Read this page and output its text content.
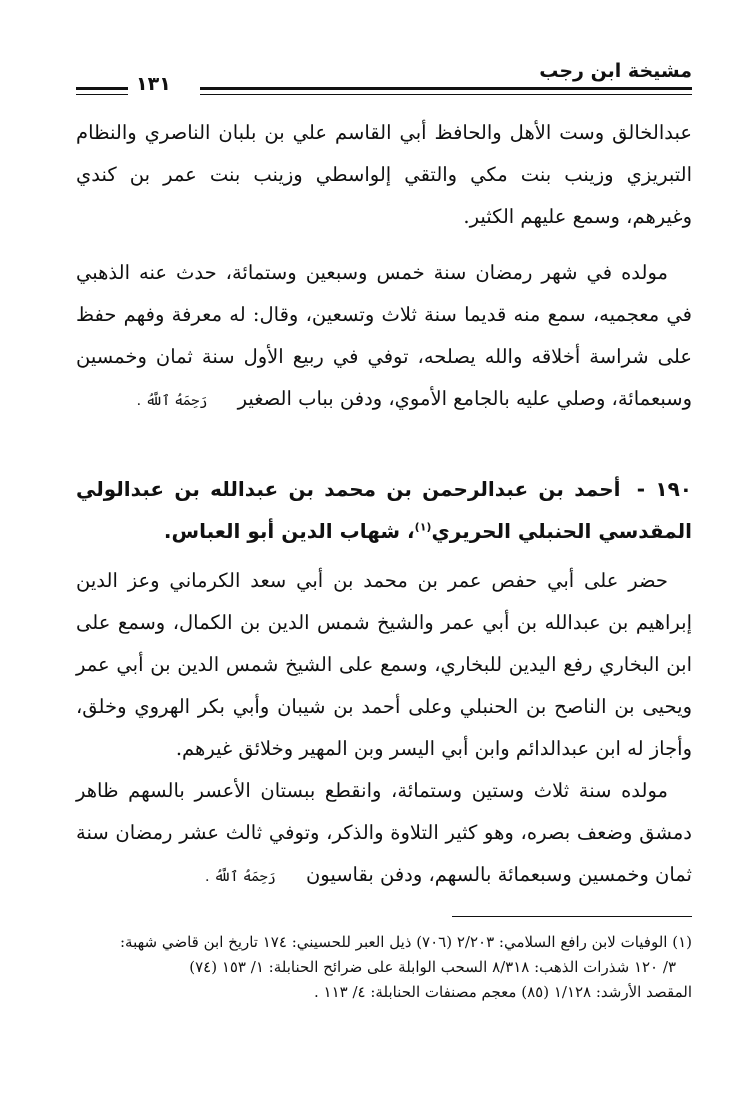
مشيخة ابن رجب
١٣١

عبدالخالق وست الأهل والحافظ أبي القاسم علي بن بلبان الناصري والنظام التبريزي وزينب بنت مكي والتقي إلواسطي وزينب بنت عمر بن كندي وغيرهم، وسمع عليهم الكثير.

مولده في شهر رمضان سنة خمس وسبعين وستمائة، حدث عنه الذهبي في معجميه، سمع منه قديما سنة ثلاث وتسعين، وقال: له معرفة وفهم حفظ على شراسة أخلاقه والله يصلحه، توفي في ربيع الأول سنة ثمان وخمسين وسبعمائة، وصلي عليه بالجامع الأموي، ودفن بباب الصغير رَحِمَهُ ٱللَّهُ .

١٩٠ - أحمد بن عبدالرحمن بن محمد بن عبدالله بن عبدالولي المقدسي الحنبلي الحريري$^{(١)}$، شهاب الدين أبو العباس.

حضر على أبي حفص عمر بن محمد بن أبي سعد الكرماني وعز الدين إبراهيم بن عبدالله بن أبي عمر والشيخ شمس الدين بن الكمال، وسمع على ابن البخاري رفع اليدين للبخاري، وسمع على الشيخ شمس الدين بن أبي عمر ويحيى بن الناصح بن الحنبلي وعلى أحمد بن شيبان وأبي بكر الهروي وخلق، وأجاز له ابن عبدالدائم وابن أبي اليسر وبن المهير وخلائق غيرهم.

مولده سنة ثلاث وستين وستمائة، وانقطع ببستان الأعسر بالسهم ظاهر دمشق وضعف بصره، وهو كثير التلاوة والذكر، وتوفي ثالث عشر رمضان سنة ثمان وخمسين وسبعمائة بالسهم، ودفن بقاسيون رَحِمَهُ ٱللَّهُ .

(١) الوفيات لابن رافع السلامي: ٢/٢٠٣ (٧٠٦) ذيل العبر للحسيني: ١٧٤ تاريخ ابن قاضي شهبة:
٣/ ١٢٠ شذرات الذهب: ٨/٣١٨ السحب الوابلة على ضرائح الحنابلة: ١/ ١٥٣ (٧٤)
المقصد الأرشد: ١/١٢٨ (٨٥) معجم مصنفات الحنابلة: ٤/ ١١٣ .
